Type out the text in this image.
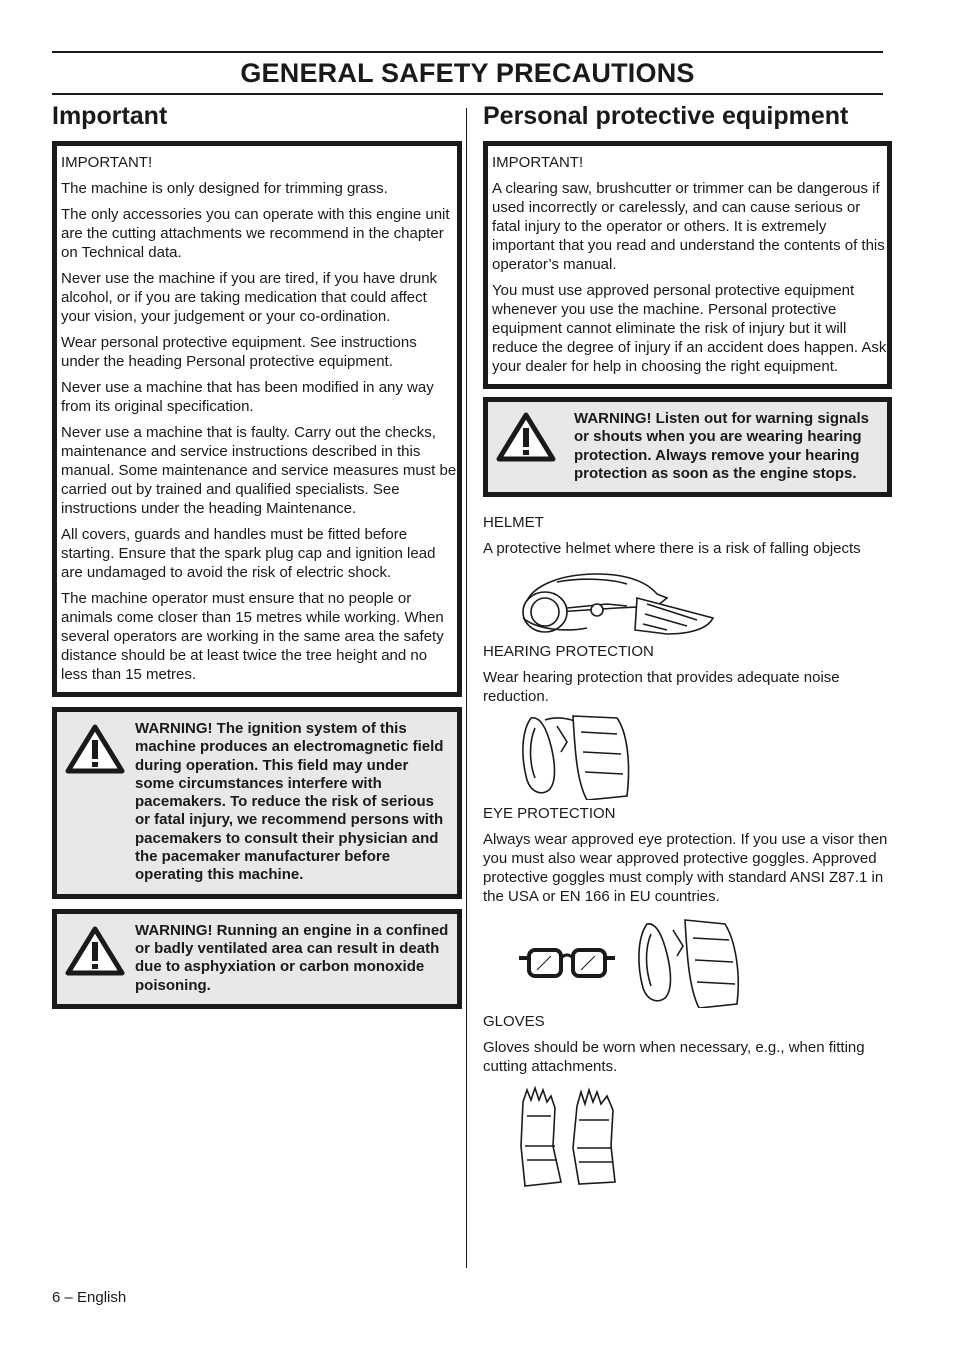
GENERAL SAFETY PRECAUTIONS
Important

IMPORTANT!

The machine is only designed for trimming grass.

The only accessories you can operate with this engine unit are the cutting attachments we recommend in the chapter on Technical data.

Never use the machine if you are tired, if you have drunk alcohol, or if you are taking medication that could affect your vision, your judgement or your co-ordination.

Wear personal protective equipment. See instructions under the heading Personal protective equipment.

Never use a machine that has been modified in any way from its original specification.

Never use a machine that is faulty. Carry out the checks, maintenance and service instructions described in this manual. Some maintenance and service measures must be carried out by trained and qualified specialists. See instructions under the heading Maintenance.

All covers, guards and handles must be fitted before starting. Ensure that the spark plug cap and ignition lead are undamaged to avoid the risk of electric shock.

The machine operator must ensure that no people or animals come closer than 15 metres while working. When several operators are working in the same area the safety distance should be at least twice the tree height and no less than 15 metres.

WARNING! The ignition system of this machine produces an electromagnetic field during operation. This field may under some circumstances interfere with pacemakers. To reduce the risk of serious or fatal injury, we recommend persons with pacemakers to consult their physician and the pacemaker manufacturer before operating this machine.

WARNING! Running an engine in a confined or badly ventilated area can result in death due to asphyxiation or carbon monoxide poisoning.

Personal protective equipment

IMPORTANT!

A clearing saw, brushcutter or trimmer can be dangerous if used incorrectly or carelessly, and can cause serious or fatal injury to the operator or others. It is extremely important that you read and understand the contents of this operator’s manual.

You must use approved personal protective equipment whenever you use the machine. Personal protective equipment cannot eliminate the risk of injury but it will reduce the degree of injury if an accident does happen. Ask your dealer for help in choosing the right equipment.

WARNING! Listen out for warning signals or shouts when you are wearing hearing protection. Always remove your hearing protection as soon as the engine stops.

HELMET

A protective helmet where there is a risk of falling objects

HEARING PROTECTION

Wear hearing protection that provides adequate noise reduction.

EYE PROTECTION

Always wear approved eye protection. If you use a visor then you must also wear approved protective goggles. Approved protective goggles must comply with standard ANSI Z87.1 in the USA or EN 166 in EU countries.

GLOVES

Gloves should be worn when necessary, e.g., when fitting cutting attachments.

6 – English
